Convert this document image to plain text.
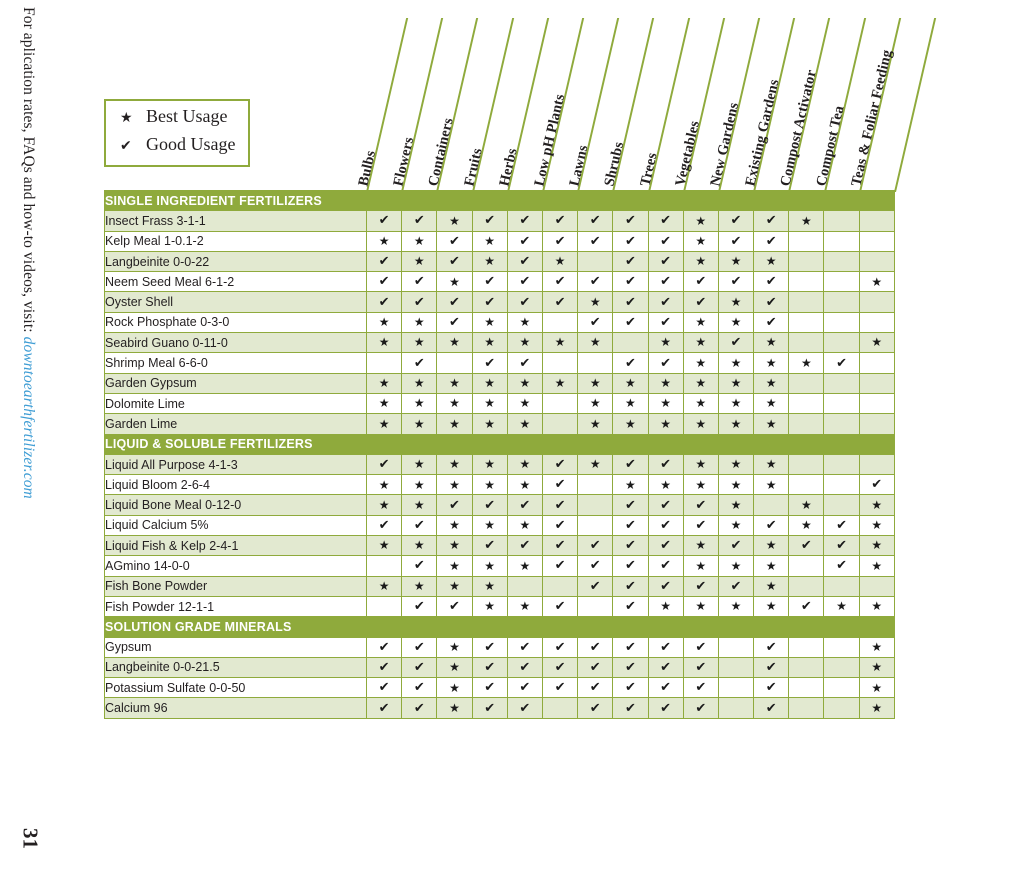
For aplication rates, FAQs and how-to videos, visit: downtoearthfertilizer.com
31
★ Best Usage
✔ Good Usage
Bulbs Flowers Containers Fruits Herbs Low pH Plants
Lawns Shrubs Trees Vegetables New Gardens Existing Gardens
Compost Activator
Compost Tea Teas & Foliar Feeding
SINGLE INGREDIENT FERTILIZERS															
Insect Frass 3-1-1	✔	✔	★	✔	✔	✔	✔	✔	✔	★	✔	✔	★		
Kelp Meal 1-0.1-2	★	★	✔	★	✔	✔	✔	✔	✔	★	✔	✔			
Langbeinite 0-0-22	✔	★	✔	★	✔	★		✔	✔	★	★	★			
Neem Seed Meal 6-1-2	✔	✔	★	✔	✔	✔	✔	✔	✔	✔	✔	✔			★
Oyster Shell	✔	✔	✔	✔	✔	✔	★	✔	✔	✔	★	✔			
Rock Phosphate 0-3-0	★	★	✔	★	★		✔	✔	✔	★	★	✔			
Seabird Guano 0-11-0	★	★	★	★	★	★	★		★	★	✔	★			★
Shrimp Meal 6-6-0		✔		✔	✔			✔	✔	★	★	★	★	✔	
Garden Gypsum	★	★	★	★	★	★	★	★	★	★	★	★			
Dolomite Lime	★	★	★	★	★		★	★	★	★	★	★			
Garden Lime	★	★	★	★	★		★	★	★	★	★	★			
LIQUID & SOLUBLE FERTILIZERS															
Liquid All Purpose 4-1-3	✔	★	★	★	★	✔	★	✔	✔	★	★	★			
Liquid Bloom 2-6-4	★	★	★	★	★	✔		★	★	★	★	★			✔
Liquid Bone Meal 0-12-0	★	★	✔	✔	✔	✔		✔	✔	✔	★		★		★
Liquid Calcium 5%	✔	✔	★	★	★	✔		✔	✔	✔	★	✔	★	✔	★
Liquid Fish & Kelp 2-4-1	★	★	★	✔	✔	✔	✔	✔	✔	★	✔	★	✔	✔	★
AGmino 14-0-0		✔	★	★	★	✔	✔	✔	✔	★	★	★		✔	★
Fish Bone Powder	★	★	★	★			✔	✔	✔	✔	✔	★			
Fish Powder 12-1-1		✔	✔	★	★	✔		✔	★	★	★	★	✔	★	★
SOLUTION GRADE MINERALS															
Gypsum	✔	✔	★	✔	✔	✔	✔	✔	✔	✔		✔			★
Langbeinite 0-0-21.5	✔	✔	★	✔	✔	✔	✔	✔	✔	✔		✔			★
Potassium Sulfate 0-0-50	✔	✔	★	✔	✔	✔	✔	✔	✔	✔		✔			★
Calcium 96	✔	✔	★	✔	✔		✔	✔	✔	✔		✔			★
